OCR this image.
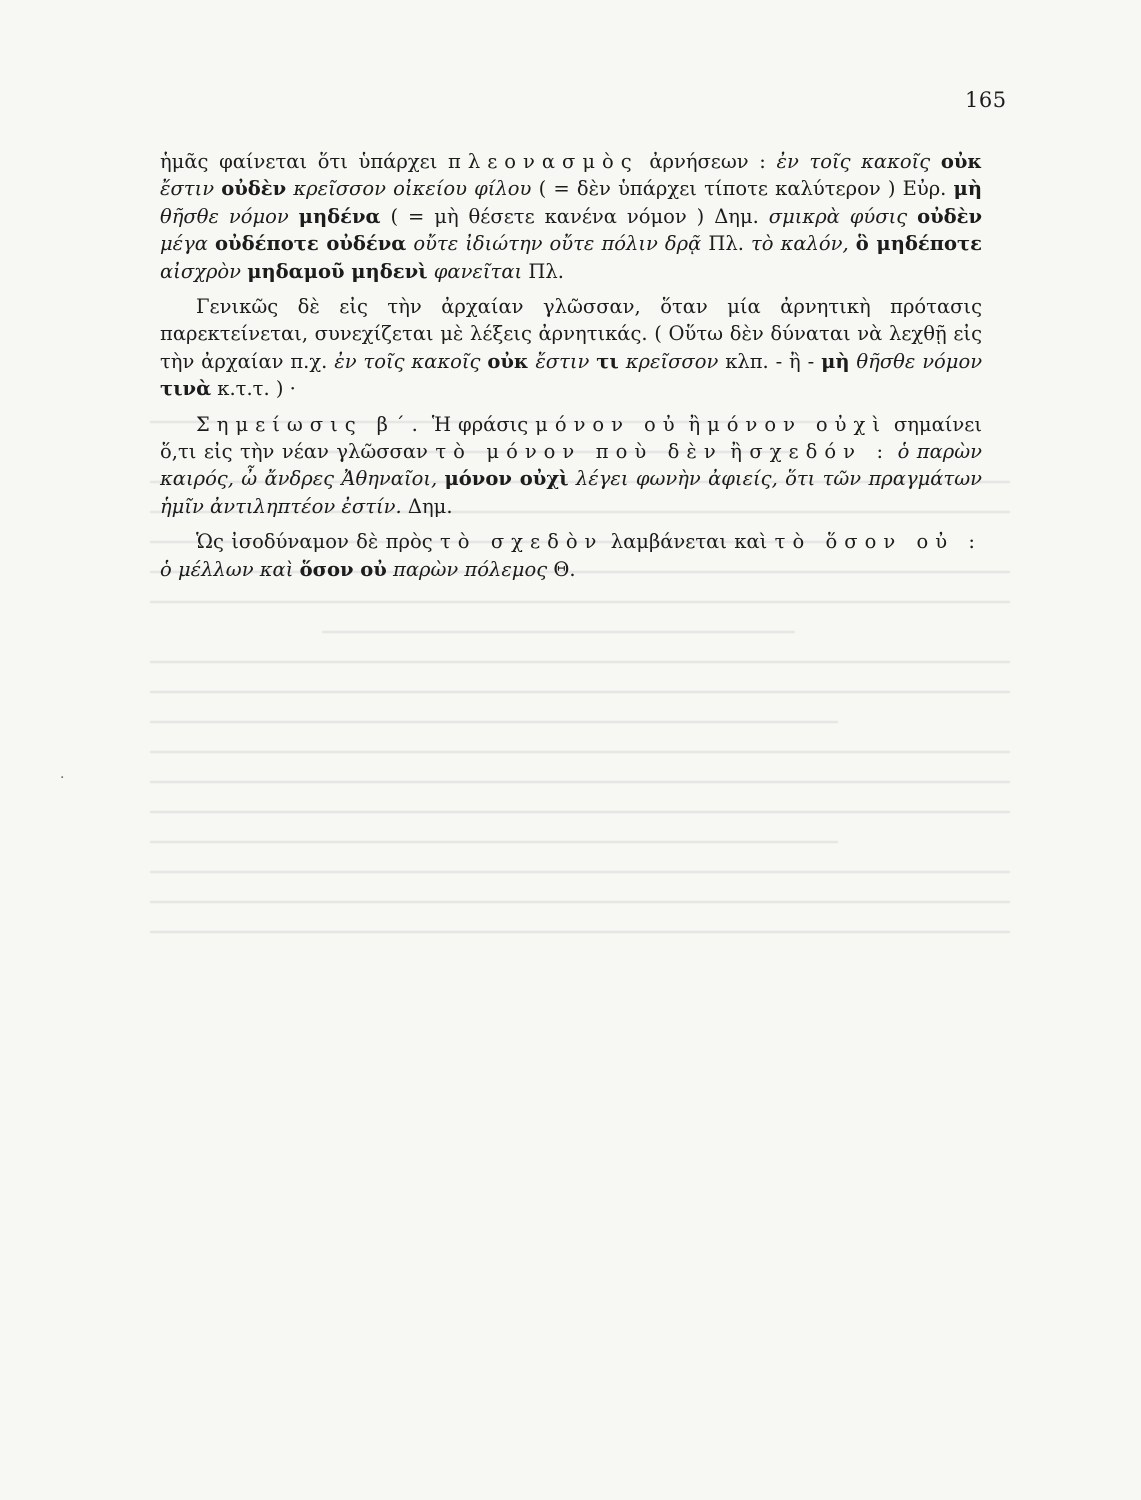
165
·

ἡμᾶς φαίνεται ὅτι ὑπάρχει πλεονασμὸς ἀρνήσεων : ἐν τοῖς κακοῖς οὐκ ἔστιν οὐδὲν κρεῖσσον οἰκείου φίλου ( = δὲν ὑπάρχει τίποτε καλύτερον ) Εὐρ. μὴ θῆσθε νόμον μηδένα ( = μὴ θέσετε κανένα νόμον ) Δημ. σμικρὰ φύσις οὐδὲν μέγα οὐδέποτε οὐδένα οὔτε ἰδιώτην οὔτε πόλιν δρᾷ Πλ. τὸ καλόν, ὃ μηδέποτε αἰσχρὸν μηδαμοῦ μηδενὶ φανεῖται Πλ.

Γενικῶς δὲ εἰς τὴν ἀρχαίαν γλῶσσαν, ὅταν μία ἀρνητικὴ πρότασις παρεκτείνεται, συνεχίζεται μὲ λέξεις ἀρνητικάς. ( Οὕτω δὲν δύναται νὰ λεχθῇ εἰς τὴν ἀρχαίαν π.χ. ἐν τοῖς κακοῖς οὐκ ἔστιν τι κρεῖσσον κλπ. - ἢ - μὴ θῆσθε νόμον τινὰ κ.τ.τ. ) ·

Σημείωσις β΄. Ἡ φράσις μόνον οὐ ἢ μόνον οὐχὶ σημαίνει ὅ,τι εἰς τὴν νέαν γλῶσσαν τὸ μόνον ποὺ δὲν ἢ σχεδόν : ὁ παρὼν καιρός, ὦ ἄνδρες Ἀθηναῖοι, μόνον οὐχὶ λέγει φωνὴν ἀφιείς, ὅτι τῶν πραγμάτων ἡμῖν ἀντιληπτέον ἐστίν. Δημ.

Ὡς ἰσοδύναμον δὲ πρὸς τὸ σχεδὸν λαμβάνεται καὶ τὸ ὅσον οὐ : ὁ μέλλων καὶ ὅσον οὐ παρὼν πόλεμος Θ.
